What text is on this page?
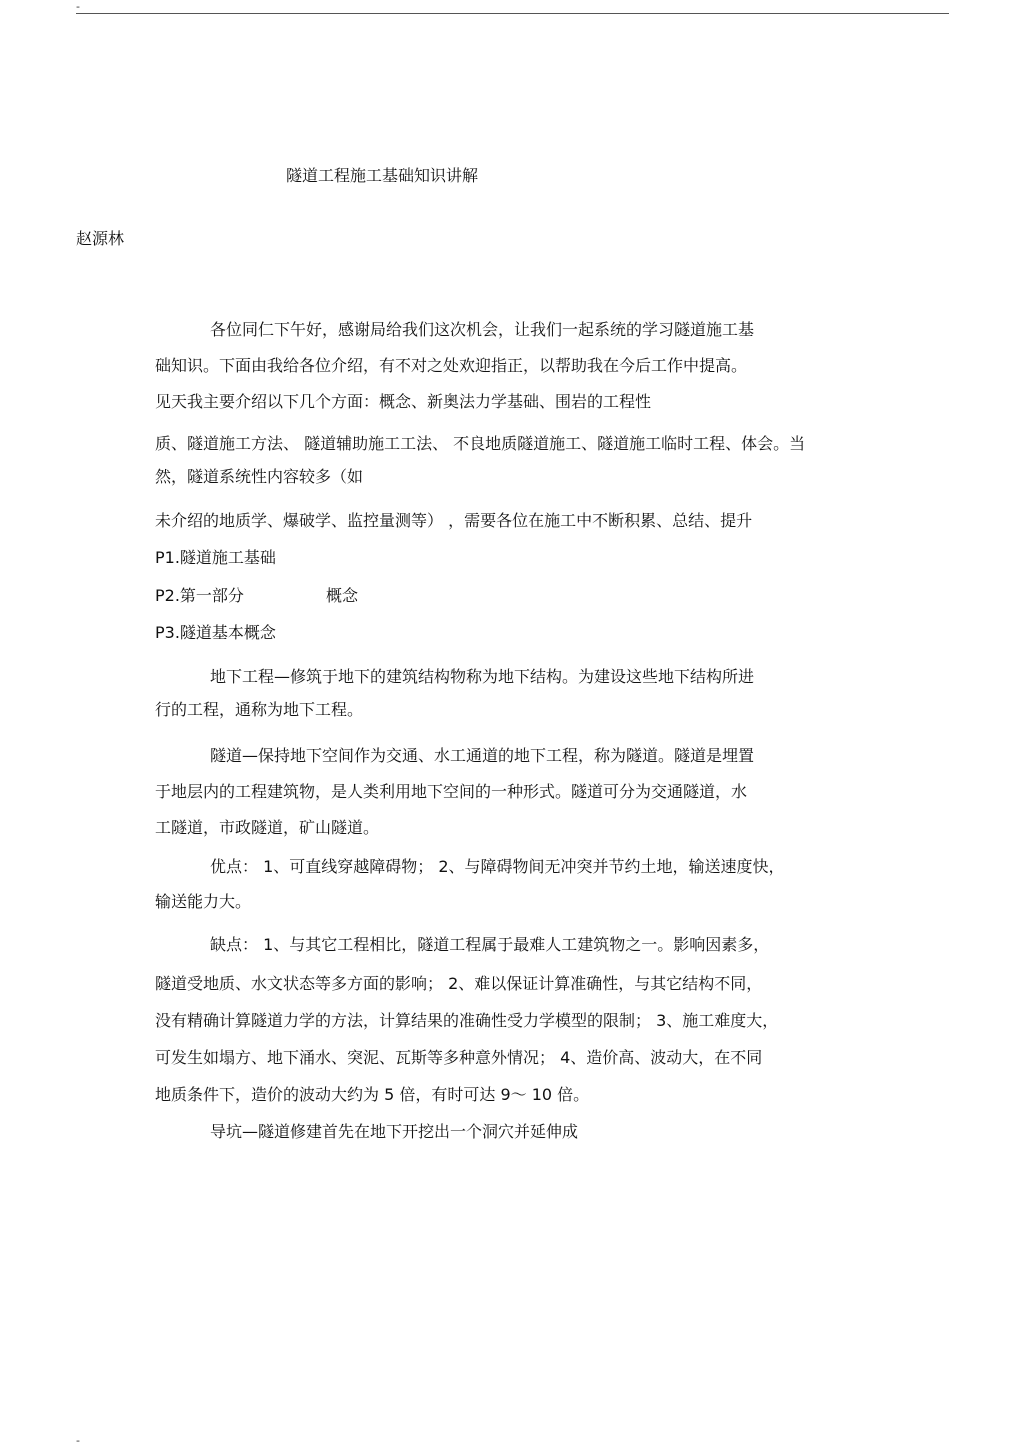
-
隧道工程施工基础知识讲解
赵源林
各位同仁下午好，感谢局给我们这次机会，让我们一起系统的学习隧道施工基
础知识。下面由我给各位介绍，有不对之处欢迎指正，以帮助我在今后工作中提高。
见天我主要介绍以下几个方面：概念、新奥法力学基础、围岩的工程性
质、隧道施工方法、 隧道辅助施工工法、 不良地质隧道施工、隧道施工临时工程、体会。当
然，隧道系统性内容较多（如
未介绍的地质学、爆破学、监控量测等） ，需要各位在施工中不断积累、总结、提升
P1.隧道施工基础
P2.第一部分	概念
P3.隧道基本概念
地下工程—修筑于地下的建筑结构物称为地下结构。为建设这些地下结构所进
行的工程，通称为地下工程。
隧道—保持地下空间作为交通、水工通道的地下工程，称为隧道。隧道是埋置
于地层内的工程建筑物，是人类利用地下空间的一种形式。隧道可分为交通隧道，水
工隧道，市政隧道，矿山隧道。
优点： 1、可直线穿越障碍物； 2、与障碍物间无冲突并节约土地，输送速度快，
输送能力大。
缺点： 1、与其它工程相比，隧道工程属于最难人工建筑物之一。影响因素多，
隧道受地质、水文状态等多方面的影响； 2、难以保证计算准确性，与其它结构不同，
没有精确计算隧道力学的方法，计算结果的准确性受力学模型的限制； 3、施工难度大，
可发生如塌方、地下涌水、突泥、瓦斯等多种意外情况； 4、造价高、波动大，在不同
地质条件下，造价的波动大约为 5 倍，有时可达 9～ 10 倍。
导坑—隧道修建首先在地下开挖出一个洞穴并延伸成
-
